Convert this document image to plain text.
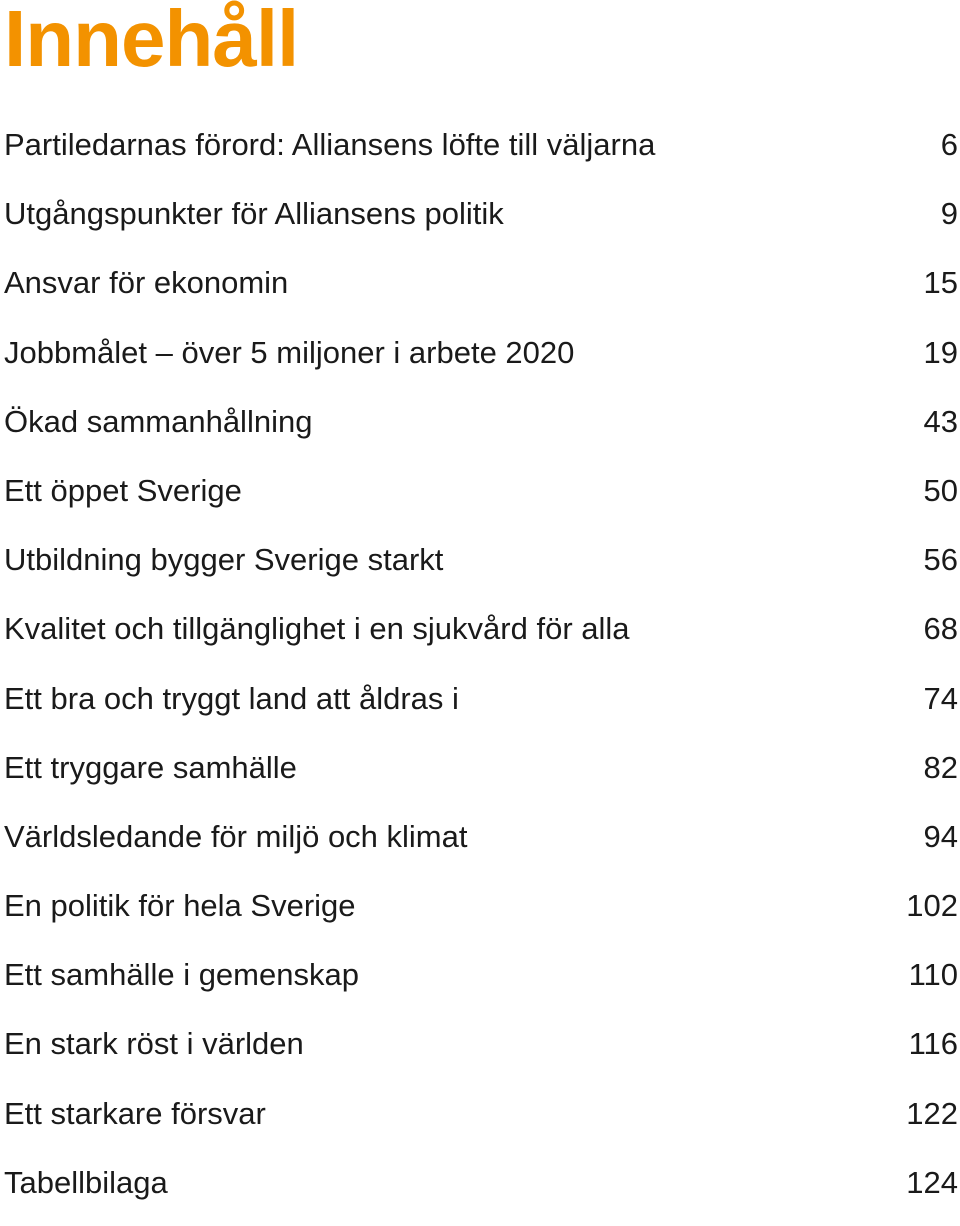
Innehåll
Partiledarnas förord: Alliansens löfte till väljarna	6
Utgångspunkter för Alliansens politik	9
Ansvar för ekonomin	15
Jobbmålet – över 5 miljoner i arbete 2020	19
Ökad sammanhållning	43
Ett öppet Sverige	50
Utbildning bygger Sverige starkt	56
Kvalitet och tillgänglighet i en sjukvård för alla	68
Ett bra och tryggt land att åldras i	74
Ett tryggare samhälle	82
Världsledande för miljö och klimat	94
En politik för hela Sverige	102
Ett samhälle i gemenskap	110
En stark röst i världen	116
Ett starkare försvar	122
Tabellbilaga	124
